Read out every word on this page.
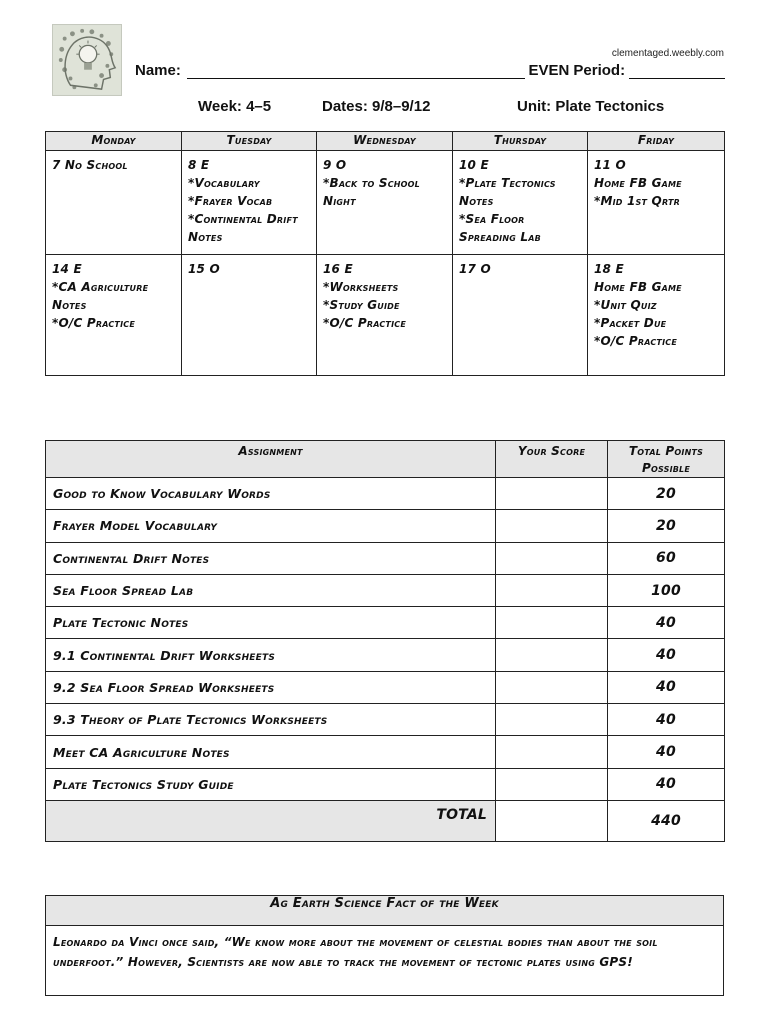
clementaged.weebly.com
Name:	EVEN Period:
Week: 4–5	Dates: 9/8–9/12	Unit: Plate Tectonics
Monday	Tuesday	Wednesday	Thursday	Friday

7 No School	8 E
*Vocabulary
*Frayer Vocab
*Continental Drift Notes	9 O
*Back to School Night	10 E
*Plate Tectonics Notes
*Sea Floor Spreading Lab	11 O
Home FB Game
*Mid 1st Qrtr

14 E
*CA Agriculture Notes
*O/C Practice	15 O	16 E
*Worksheets
*Study Guide
*O/C Practice	17 O	18 E
Home FB Game
*Unit Quiz
*Packet Due
*O/C Practice
Assignment	Your Score	Total Points Possible
Good to Know Vocabulary Words		20
Frayer Model Vocabulary		20
Continental Drift Notes		60
Sea Floor Spread Lab		100
Plate Tectonic Notes		40
9.1 Continental Drift Worksheets		40
9.2 Sea Floor Spread Worksheets		40
9.3 Theory of Plate Tectonics Worksheets		40
Meet CA Agriculture Notes		40
Plate Tectonics Study Guide		40
TOTAL		440
Ag Earth Science Fact of the Week
Leonardo da Vinci once said, “We know more about the movement of celestial bodies than about the soil underfoot.” However, Scientists are now able to track the movement of tectonic plates using GPS!
